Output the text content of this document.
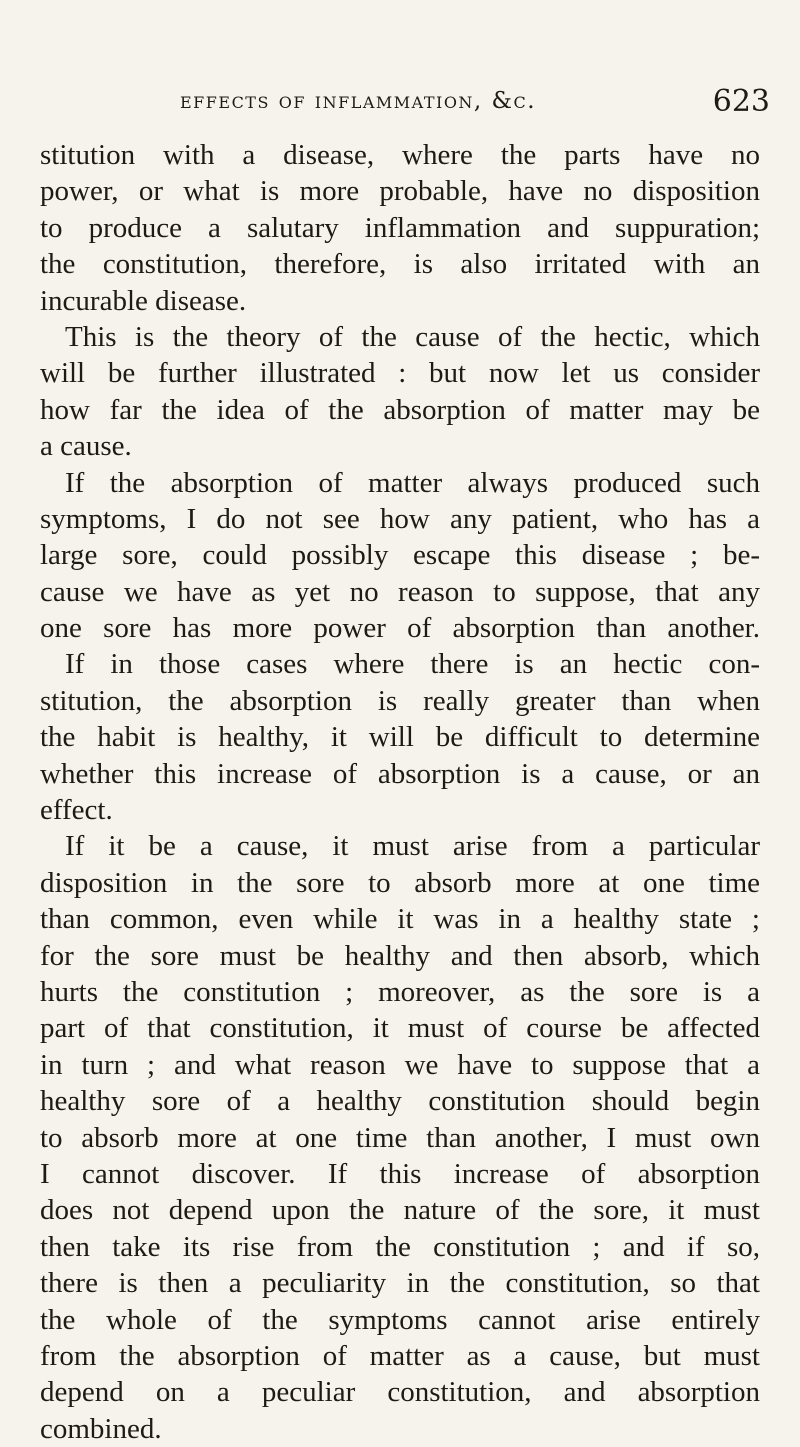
effects of inflammation, &c.	623
stitution with a disease, where the parts have no
power, or what is more probable, have no disposition
to produce a salutary inflammation and suppuration;
the constitution, therefore, is also irritated with an
incurable disease.
This is the theory of the cause of the hectic, which
will be further illustrated : but now let us consider
how far the idea of the absorption of matter may be
a cause.
If the absorption of matter always produced such
symptoms, I do not see how any patient, who has a
large sore, could possibly escape this disease ; be-
cause we have as yet no reason to suppose, that any
one sore has more power of absorption than another.
If in those cases where there is an hectic con-
stitution, the absorption is really greater than when
the habit is healthy, it will be difficult to determine
whether this increase of absorption is a cause, or an
effect.
If it be a cause, it must arise from a particular
disposition in the sore to absorb more at one time
than common, even while it was in a healthy state ;
for the sore must be healthy and then absorb, which
hurts the constitution ; moreover, as the sore is a
part of that constitution, it must of course be affected
in turn ; and what reason we have to suppose that a
healthy sore of a healthy constitution should begin
to absorb more at one time than another, I must own
I cannot discover. If this increase of absorption
does not depend upon the nature of the sore, it must
then take its rise from the constitution ; and if so,
there is then a peculiarity in the constitution, so that
the whole of the symptoms cannot arise entirely
from the absorption of matter as a cause, but must
depend on a peculiar constitution, and absorption
combined.
